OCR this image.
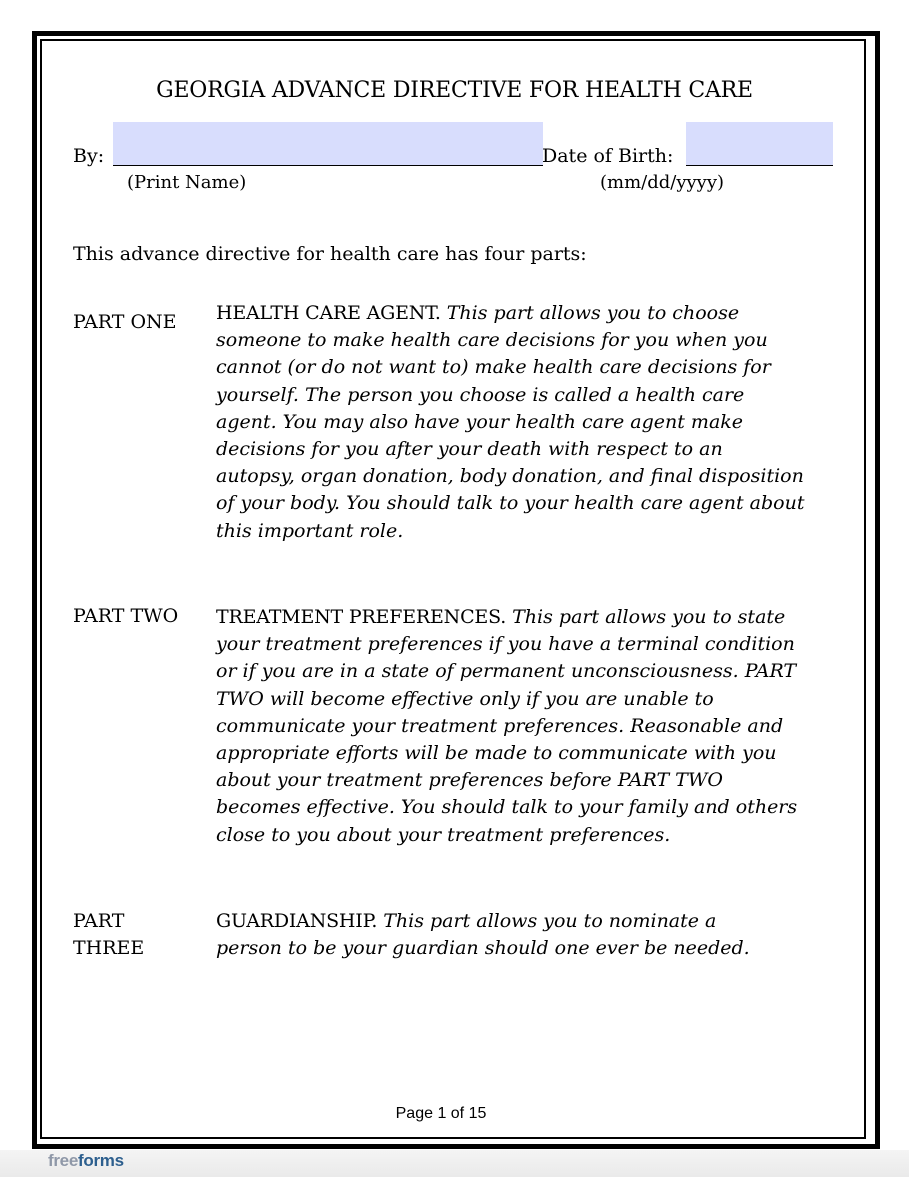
GEORGIA ADVANCE DIRECTIVE FOR HEALTH CARE
By:
(Print Name)
Date of Birth:
(mm/dd/yyyy)
This advance directive for health care has four parts:
PART ONE HEALTH CARE AGENT. This part allows you to choose someone to make health care decisions for you when you cannot (or do not want to) make health care decisions for yourself. The person you choose is called a health care agent. You may also have your health care agent make decisions for you after your death with respect to an autopsy, organ donation, body donation, and final disposition of your body. You should talk to your health care agent about this important role.
PART TWO TREATMENT PREFERENCES. This part allows you to state your treatment preferences if you have a terminal condition or if you are in a state of permanent unconsciousness. PART TWO will become effective only if you are unable to communicate your treatment preferences. Reasonable and appropriate efforts will be made to communicate with you about your treatment preferences before PART TWO becomes effective. You should talk to your family and others close to you about your treatment preferences.
PART
THREE
GUARDIANSHIP. This part allows you to nominate a person to be your guardian should one ever be needed.
Page 1 of 15
freeforms
